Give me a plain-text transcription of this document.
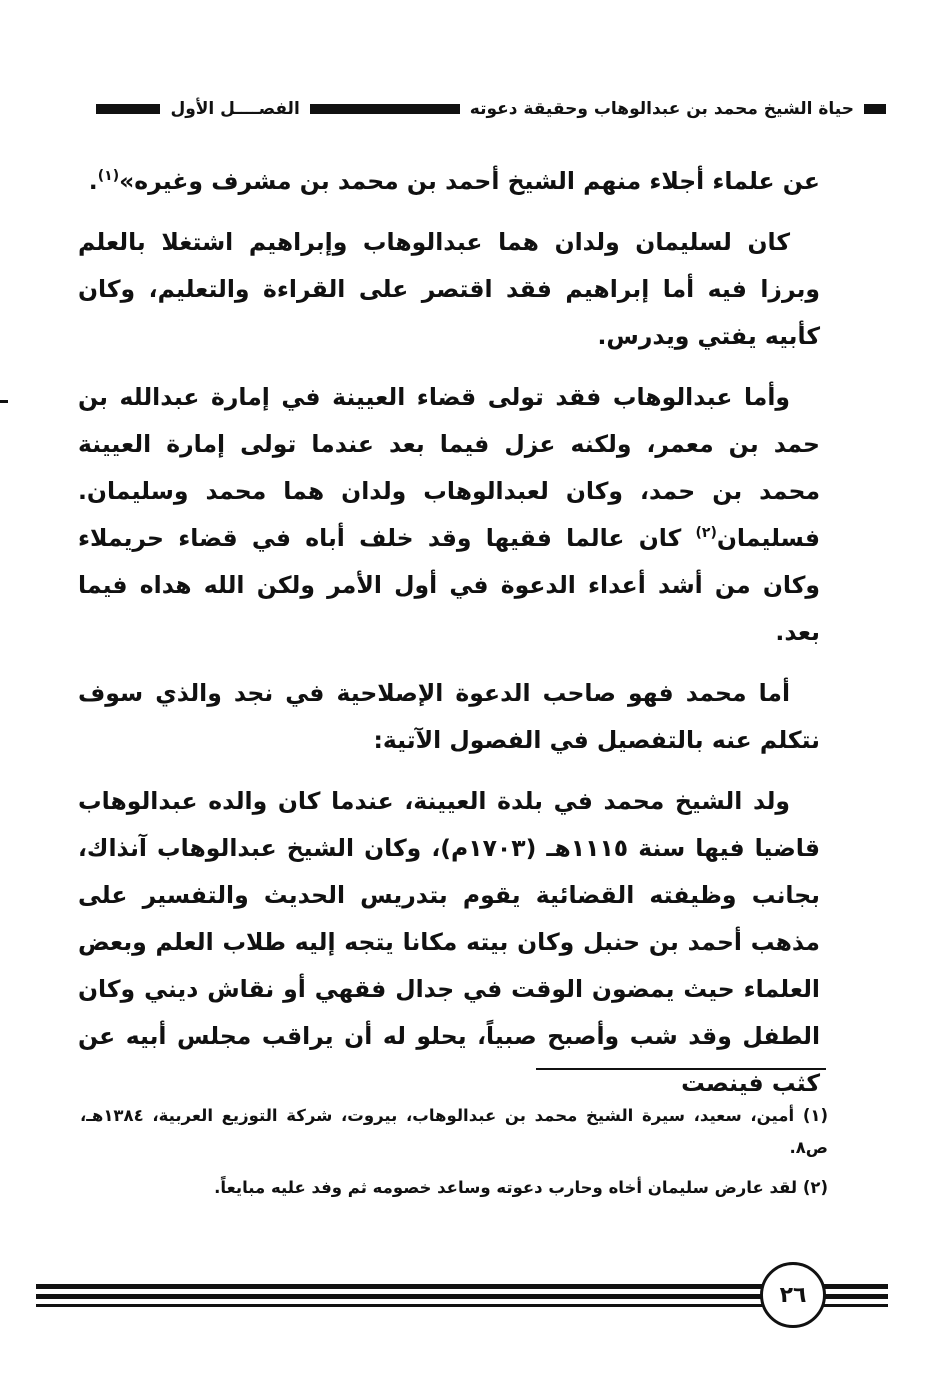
حياة الشيخ محمد بن عبدالوهاب وحقيقة دعوته
الفصــــل الأول

عن علماء أجلاء منهم الشيخ أحمد بن محمد بن مشرف وغيره»$^{(١)}$.

كان لسليمان ولدان هما عبدالوهاب وإبراهيم اشتغلا بالعلم وبرزا فيه أما إبراهيم فقد اقتصر على القراءة والتعليم، وكان كأبيه يفتي ويدرس.

وأما عبدالوهاب فقد تولى قضاء العيينة في إمارة عبدالله بن حمد بن معمر، ولكنه عزل فيما بعد عندما تولى إمارة العيينة محمد بن حمد، وكان لعبدالوهاب ولدان هما محمد وسليمان. فسليمان$^{(٢)}$ كان عالما فقيها وقد خلف أباه في قضاء حريملاء وكان من أشد أعداء الدعوة في أول الأمر ولكن الله هداه فيما بعد.

أما محمد فهو صاحب الدعوة الإصلاحية في نجد والذي سوف نتكلم عنه بالتفصيل في الفصول الآتية:

ولد الشيخ محمد في بلدة العيينة، عندما كان والده عبدالوهاب قاضيا فيها سنة ١١١٥هـ (١٧٠٣م)، وكان الشيخ عبدالوهاب آنذاك، بجانب وظيفته القضائية يقوم بتدريس الحديث والتفسير على مذهب أحمد بن حنبل وكان بيته مكانا يتجه إليه طلاب العلم وبعض العلماء حيث يمضون الوقت في جدال فقهي أو نقاش ديني وكان الطفل وقد شب وأصبح صبياً، يحلو له أن يراقب مجلس أبيه عن كثب فينصت

(١) أمين، سعيد، سيرة الشيخ محمد بن عبدالوهاب، بيروت، شركة التوزيع العربية، ١٣٨٤هـ، ص٨.

(٢) لقد عارض سليمان أخاه وحارب دعوته وساعد خصومه ثم وفد عليه مبايعاً.

٢٦
